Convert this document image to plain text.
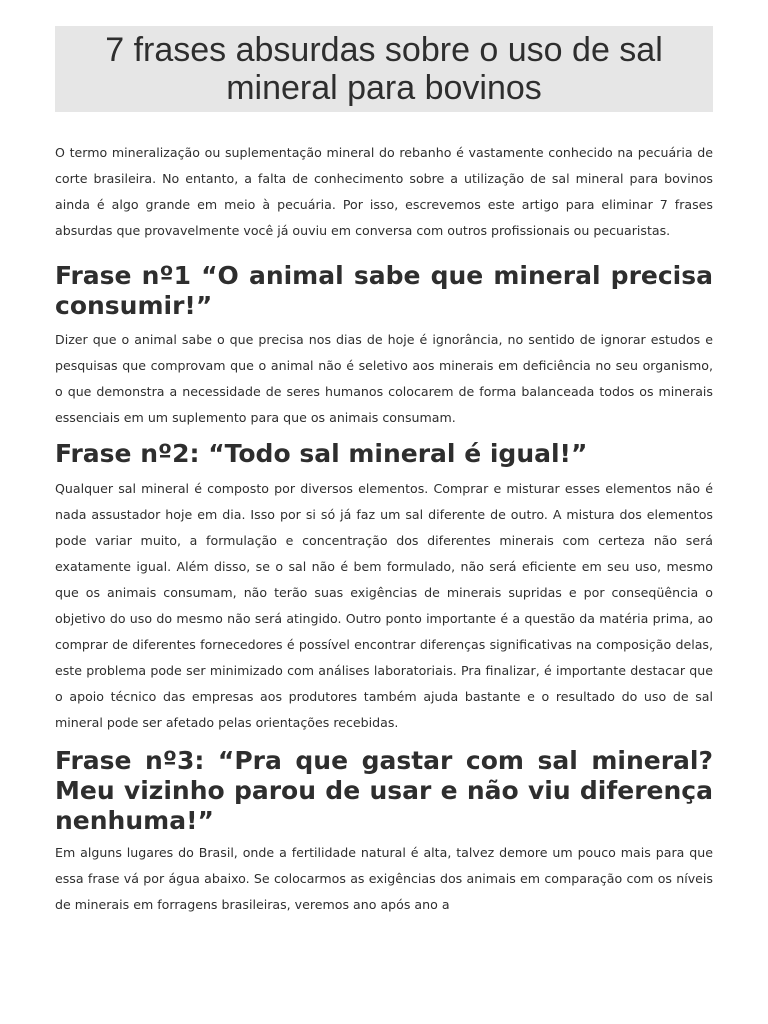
7 frases absurdas sobre o uso de sal mineral para bovinos

O termo mineralização ou suplementação mineral do rebanho é vastamente conhecido na pecuária de corte brasileira. No entanto, a falta de conhecimento sobre a utilização de sal mineral para bovinos ainda é algo grande em meio à pecuária. Por isso, escrevemos este artigo para eliminar 7 frases absurdas que provavelmente você já ouviu em conversa com outros profissionais ou pecuaristas.

Frase nº1 “O animal sabe que mineral precisa consumir!”

Dizer que o animal sabe o que precisa nos dias de hoje é ignorância, no sentido de ignorar estudos e pesquisas que comprovam que o animal não é seletivo aos minerais em deficiência no seu organismo, o que demonstra a necessidade de seres humanos colocarem de forma balanceada todos os minerais essenciais em um suplemento para que os animais consumam.

Frase nº2: “Todo sal mineral é igual!”

Qualquer sal mineral é composto por diversos elementos. Comprar e misturar esses elementos não é nada assustador hoje em dia. Isso por si só já faz um sal diferente de outro. A mistura dos elementos pode variar muito, a formulação e concentração dos diferentes minerais com certeza não será exatamente igual. Além disso, se o sal não é bem formulado, não será eficiente em seu uso, mesmo que os animais consumam, não terão suas exigências de minerais supridas e por conseqüência o objetivo do uso do mesmo não será atingido. Outro ponto importante é a questão da matéria prima, ao comprar de diferentes fornecedores é possível encontrar diferenças significativas na composição delas, este problema pode ser minimizado com análises laboratoriais. Pra finalizar, é importante destacar que o apoio técnico das empresas aos produtores também ajuda bastante e o resultado do uso de sal mineral pode ser afetado pelas orientações recebidas.

Frase nº3: “Pra que gastar com sal mineral? Meu vizinho parou de usar e não viu diferença nenhuma!”

Em alguns lugares do Brasil, onde a fertilidade natural é alta, talvez demore um pouco mais para que essa frase vá por água abaixo. Se colocarmos as exigências dos animais em comparação com os níveis de minerais em forragens brasileiras, veremos ano após ano a
